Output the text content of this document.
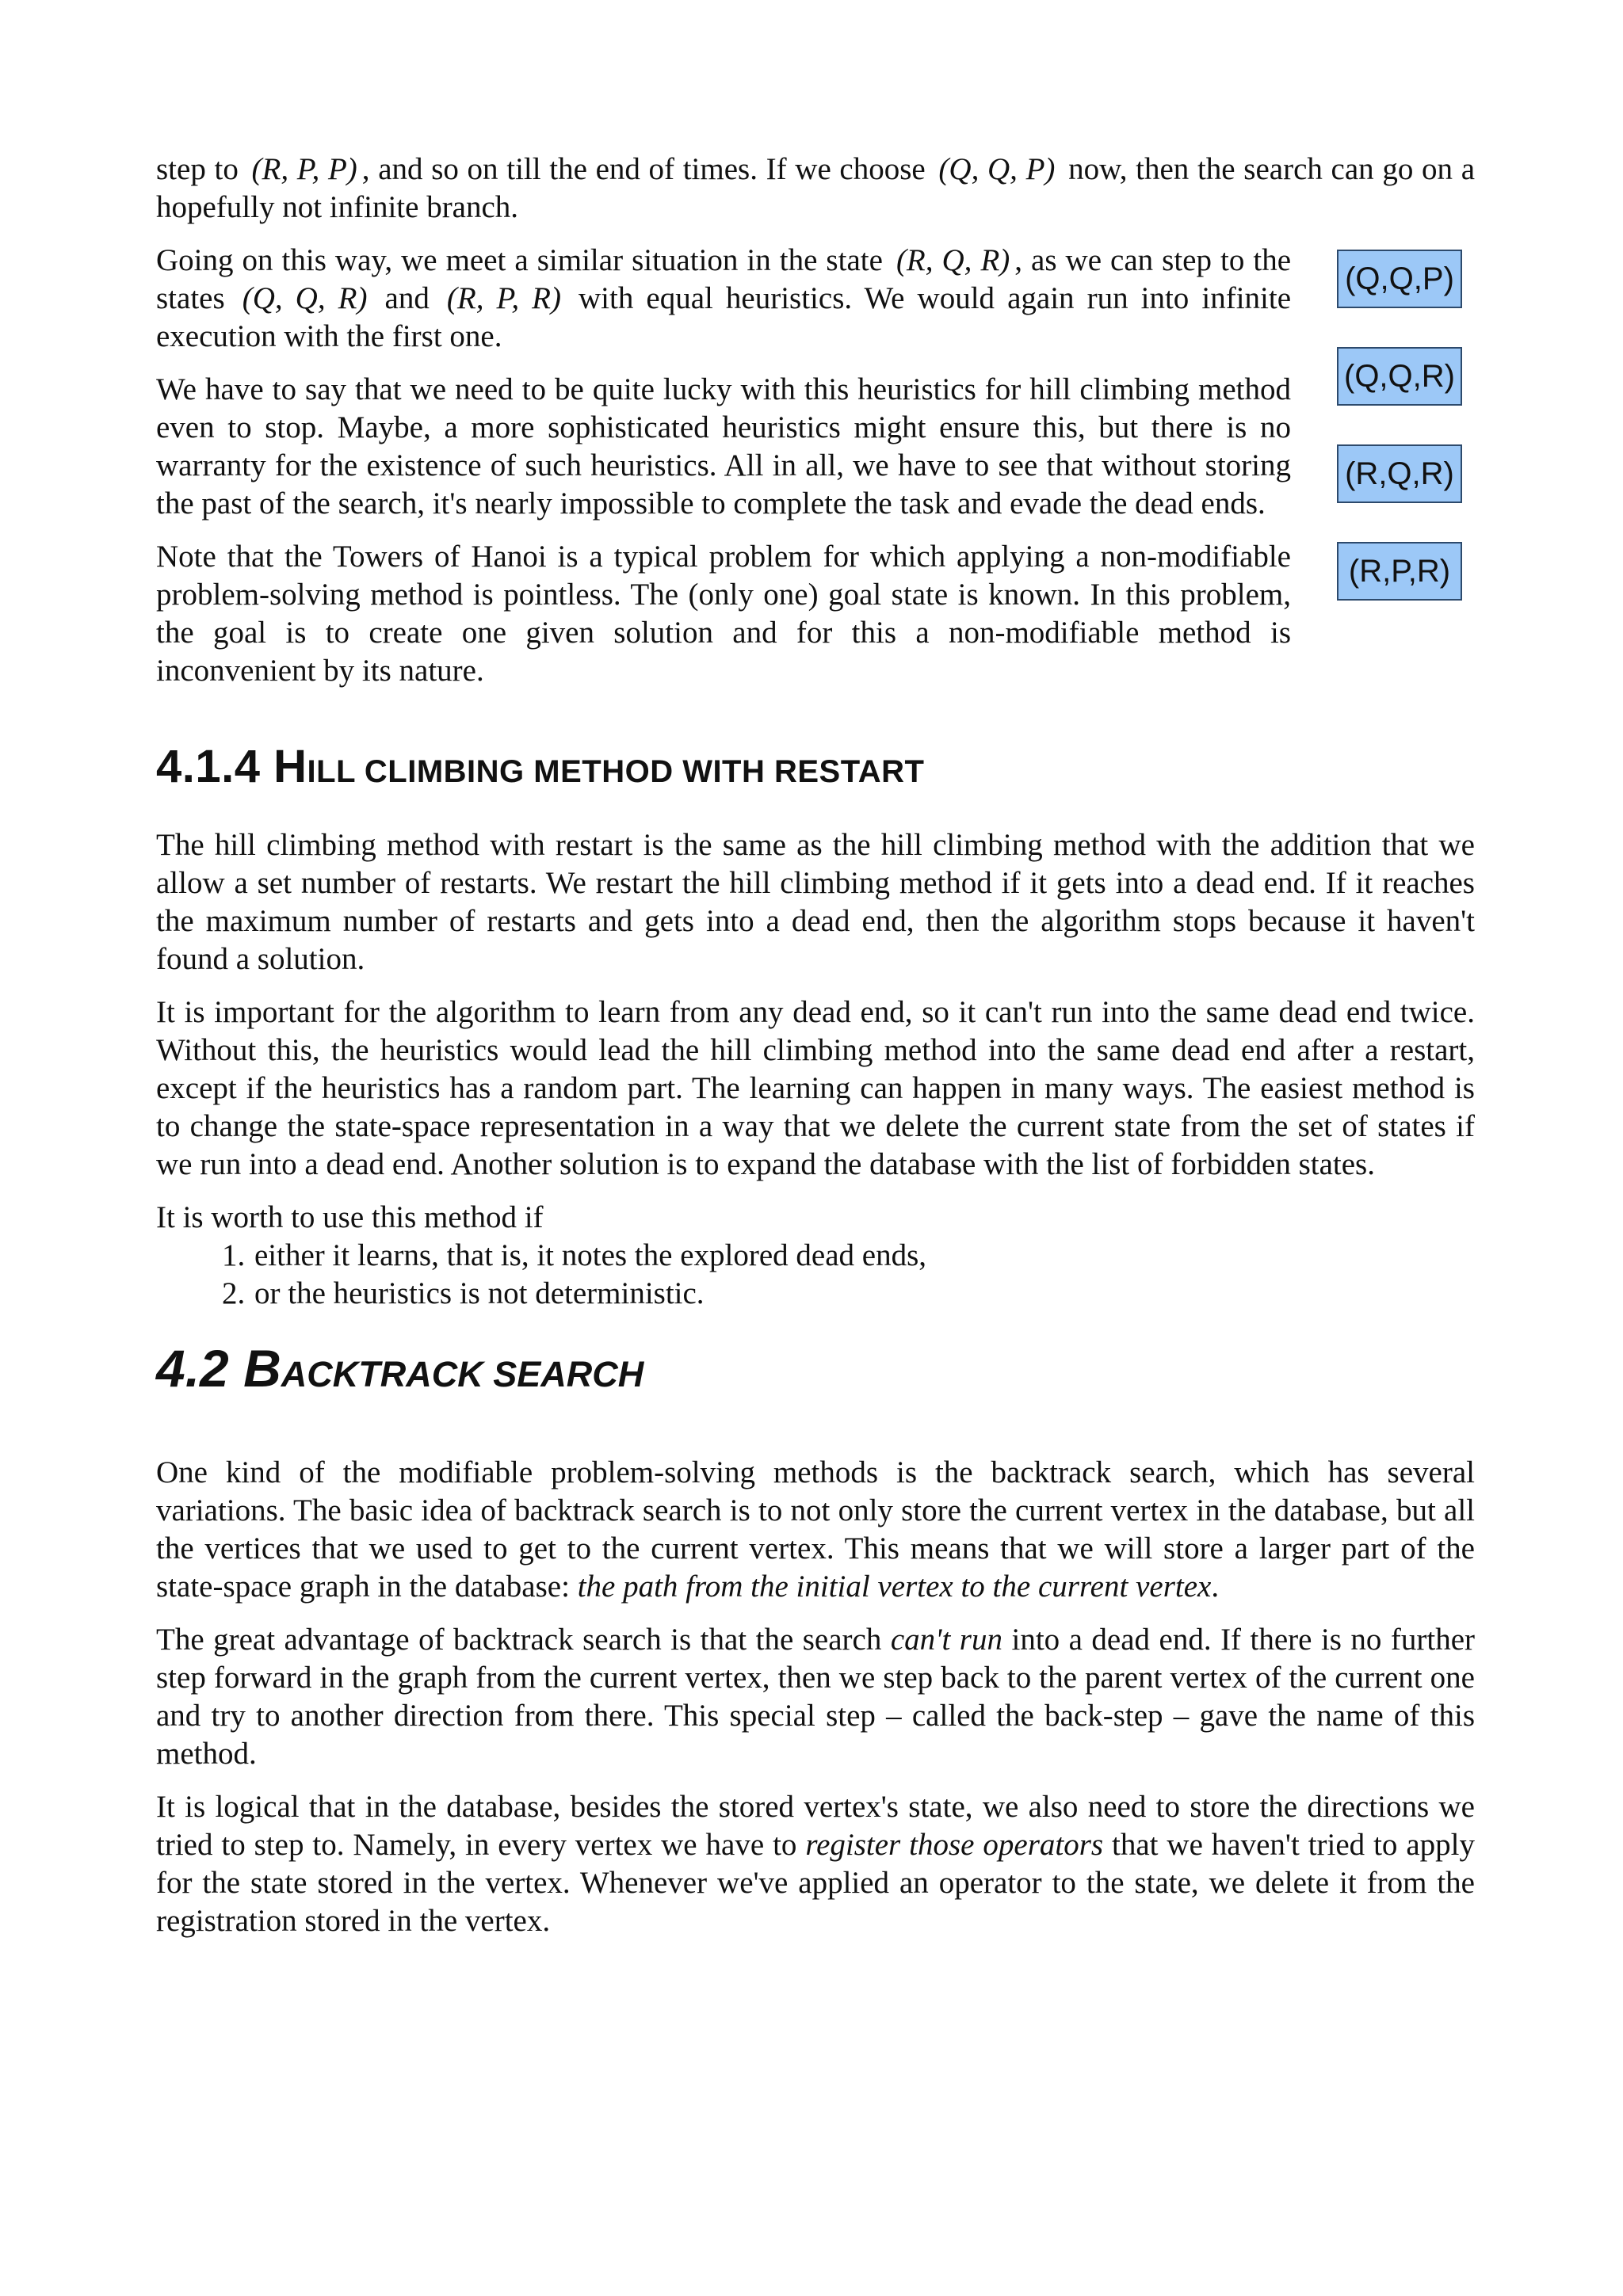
step to (R, P, P) , and so on till the end of times. If we choose (Q, Q, P) now, then the search can go on a hopefully not infinite branch.

(Q,Q,P)
(Q,Q,R)
(R,Q,R)
(R,P,R)

Going on this way, we meet a similar situation in the state (R, Q, R) , as we can step to the states (Q, Q, R) and (R, P, R) with equal heuristics. We would again run into infinite execution with the first one.

We have to say that we need to be quite lucky with this heuristics for hill climbing method even to stop. Maybe, a more sophisticated heuristics might ensure this, but there is no warranty for the existence of such heuristics. All in all, we have to see that without storing the past of the search, it's nearly impossible to complete the task and evade the dead ends.

Note that the Towers of Hanoi is a typical problem for which applying a non-modifiable problem-solving method is pointless. The (only one) goal state is known. In this problem, the goal is to create one given solution and for this a non-modifiable method is inconvenient by its nature.

4.1.4 HILL CLIMBING METHOD WITH RESTART

The hill climbing method with restart is the same as the hill climbing method with the addition that we allow a set number of restarts. We restart the hill climbing method if it gets into a dead end. If it reaches the maximum number of restarts and gets into a dead end, then the algorithm stops because it haven't found a solution.

It is important for the algorithm to learn from any dead end, so it can't run into the same dead end twice. Without this, the heuristics would lead the hill climbing method into the same dead end after a restart, except if the heuristics has a random part. The learning can happen in many ways. The easiest method is to change the state-space representation in a way that we delete the current state from the set of states if we run into a dead end. Another solution is to expand the database with the list of forbidden states.

It is worth to use this method if

1. either it learns, that is, it notes the explored dead ends,
2. or the heuristics is not deterministic.
4.2 BACKTRACK SEARCH

One kind of the modifiable problem-solving methods is the backtrack search, which has several variations. The basic idea of backtrack search is to not only store the current vertex in the database, but all the vertices that we used to get to the current vertex. This means that we will store a larger part of the state-space graph in the database: the path from the initial vertex to the current vertex.

The great advantage of backtrack search is that the search can't run into a dead end. If there is no further step forward in the graph from the current vertex, then we step back to the parent vertex of the current one and try to another direction from there. This special step – called the back-step – gave the name of this method.

It is logical that in the database, besides the stored vertex's state, we also need to store the directions we tried to step to. Namely, in every vertex we have to register those operators that we haven't tried to apply for the state stored in the vertex. Whenever we've applied an operator to the state, we delete it from the registration stored in the vertex.
